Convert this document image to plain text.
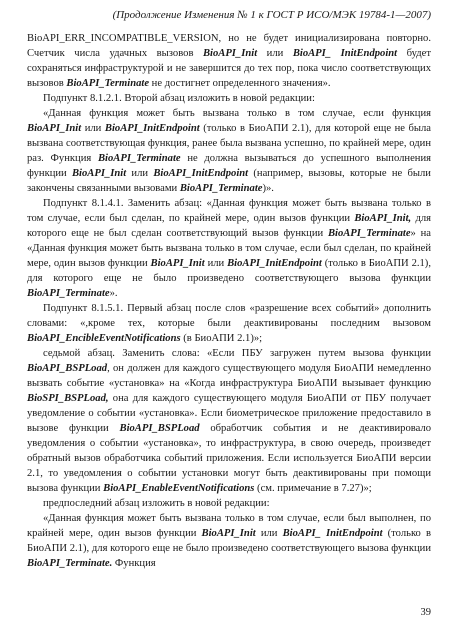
(Продолжение Изменения № 1 к ГОСТ Р ИСО/МЭК 19784-1—2007)

BioAPI_ERR_INCOMPATIBLE_VERSION, но не будет инициализирована повторно. Счетчик числа удачных вызовов BioAPI_Init или BioAPI_ InitEndpoint будет сохраняться инфраструктурой и не завершится до тех пор, пока число соответствующих вызовов BioAPI_Terminate не достигнет определенного значения».

Подпункт 8.1.2.1. Второй абзац изложить в новой редакции:

«Данная функция может быть вызвана только в том случае, если функция BioAPI_Init или BioAPI_InitEndpoint (только в БиоАПИ 2.1), для которой еще не была вызвана соответствующая функция, ранее была вызвана успешно, по крайней мере, один раз. Функция BioAPI_Terminate не должна вызываться до успешного выполнения функции BioAPI_Init или BioAPI_InitEndpoint (например, вызовы, которые не были закончены связанными вызовами BioAPI_Terminate)».

Подпункт 8.1.4.1. Заменить абзац: «Данная функция может быть вызвана только в том случае, если был сделан, по крайней мере, один вызов функции BioAPI_Init, для которого еще не был сделан соответствующий вызов функции BioAPI_Terminate» на «Данная функция может быть вызвана только в том случае, если был сделан, по крайней мере, один вызов функции BioAPI_Init или BioAPI_InitEndpoint (только в БиоАПИ 2.1), для которого еще не было произведено соответствующего вызова функции BioAPI_Terminate».

Подпункт 8.1.5.1. Первый абзац после слов «разрешение всех событий» дополнить словами: «,кроме тех, которые были деактивированы последним вызовом BioAPI_EncibleEventNotifications (в БиоАПИ 2.1)»;

седьмой абзац. Заменить слова: «Если ПБУ загружен путем вызова функции BioAPI_BSPLoad, он должен для каждого существующего модуля БиоАПИ немедленно вызвать событие «установка» на «Когда инфраструктура БиоАПИ вызывает функцию BioSPI_BSPLoad, она для каждого существующего модуля БиоАПИ от ПБУ получает уведомление о событии «установка». Если биометрическое приложение предоставило в вызове функции BioAPI_BSPLoad обработчик события и не деактивировало уведомления о событии «установка», то инфраструктура, в свою очередь, произведет обратный вызов обработчика событий приложения. Если используется БиоАПИ версии 2.1, то уведомления о событии установки могут быть деактивированы при помощи вызова функции BioAPI_EnableEventNotifications (см. примечание в 7.27)»;

предпоследний абзац изложить в новой редакции:

«Данная функция может быть вызвана только в том случае, если был выполнен, по крайней мере, один вызов функции BioAPI_Init или BioAPI_ InitEndpoint (только в БиоАПИ 2.1), для которого еще не было произведено соответствующего вызова функции BioAPI_Terminate. Функция

39
